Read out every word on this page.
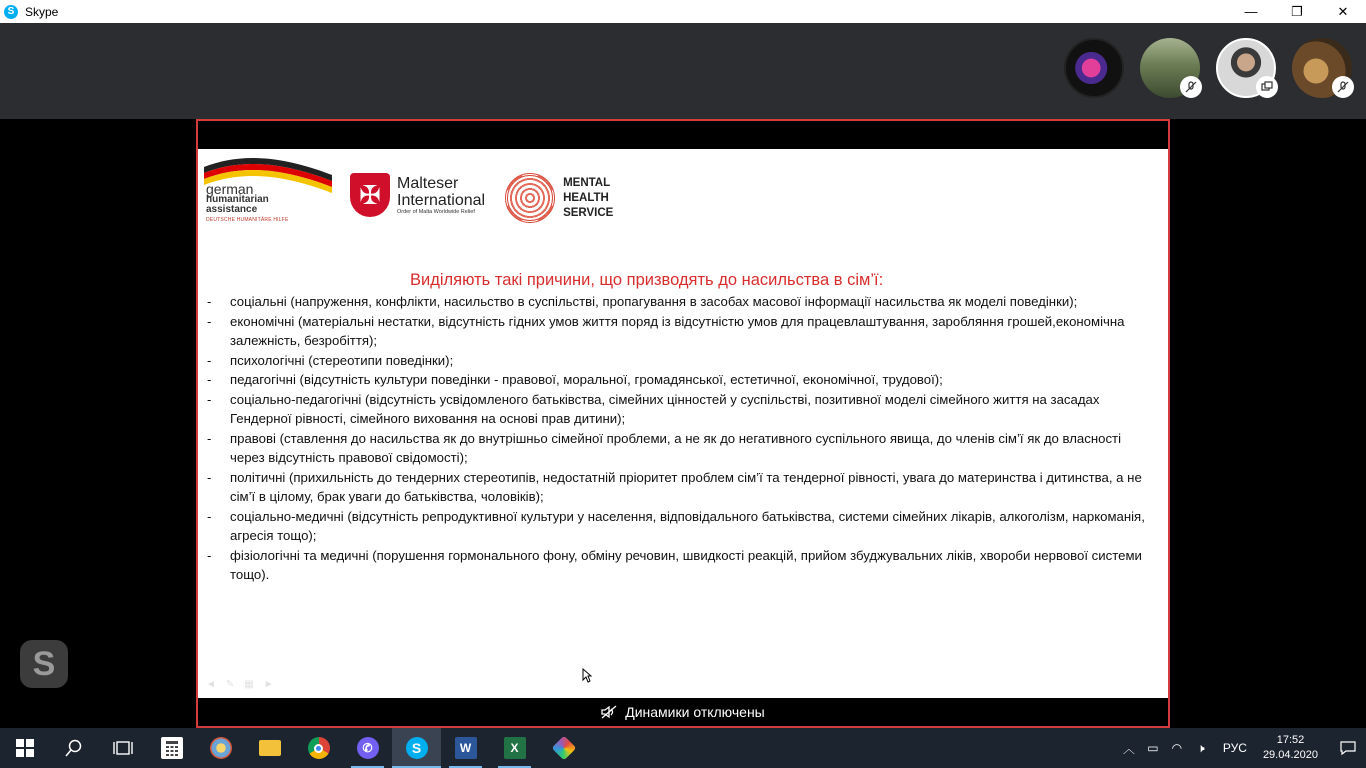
S Skype	—	❐	✕
german
humanitarian
assistance
DEUTSCHE HUMANITÄRE HILFE
✠	Malteser
International
Order of Malta Worldwide Relief
MENTAL
HEALTH
SERVICE
Виділяють такі причини, що призводять до насильства в сім’ї:
- соціальні (напруження, конфлікти, насильство в суспільстві, пропагування в засобах масової інформації насильства як моделі поведінки);
- економічні (матеріальні нестатки, відсутність гідних умов життя поряд із відсутністю умов для працевлаштування, заробляння грошей,економічна залежність, безробіття);
- психологічні (стереотипи поведінки);
- педагогічні (відсутність культури поведінки - правової, моральної, громадянської, естетичної, економічної, трудової);
- соціально-педагогічні (відсутність усвідомленого батьківства, сімейних цінностей у суспільстві, позитивної моделі сімейного життя на засадах Гендерної рівності, сімейного виховання на основі прав дитини);
- правові (ставлення до насильства як до внутрішньо сімейної проблеми, а не як до негативного суспільного явища, до членів сім’ї як до власності через відсутність правової свідомості);
- політичні (прихильність до тендерних стереотипів, недостатній пріоритет проблем сім’ї та тендерної рівності, увага до материнства і дитинства, а не сім’ї в цілому, брак уваги до батьківства, чоловіків);
- соціально-медичні (відсутність репродуктивної культури у населення, відповідального батьківства, системи сімейних лікарів, алкоголізм, наркоманія, агресія тощо);
- фізіологічні та медичні (порушення гормонального фону, обміну речовин, швидкості реакцій, прийом збуджувальних ліків, хвороби нервової системи тощо).
◄ ✎ ▦ ►
Динамики отключены
S
✆	S	W	X	︿	▭	◠	🕨	РУС
17:52
29.04.2020
